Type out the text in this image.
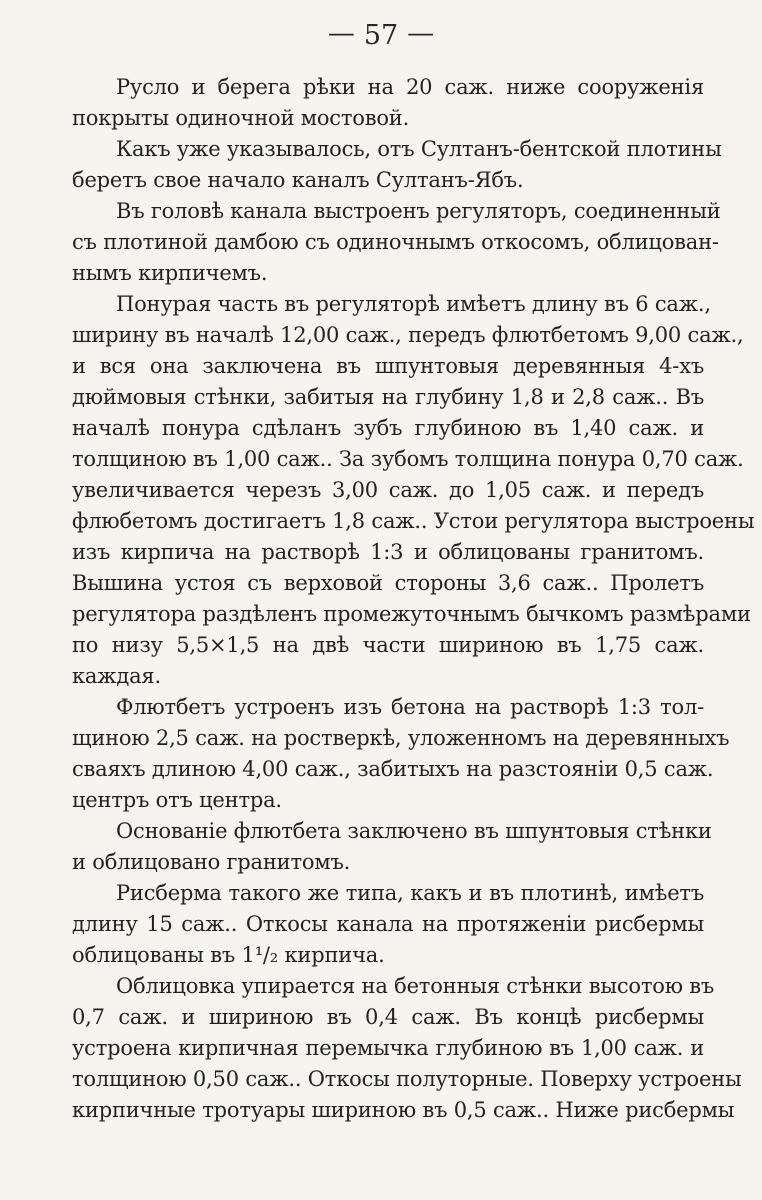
— 57 —
Русло и берега рѣки на 20 саж. ниже сооруженія
покрыты одиночной мостовой.
Какъ уже указывалось, отъ Султанъ-бентской плотины
беретъ свое начало каналъ Султанъ-Ябъ.
Въ головѣ канала выстроенъ регуляторъ, соединенный
съ плотиной дамбою съ одиночнымъ откосомъ, облицован-
нымъ кирпичемъ.
Понурая часть въ регуляторѣ имѣетъ длину въ 6 саж.,
ширину въ началѣ 12,00 саж., передъ флютбетомъ 9,00 саж.,
и вся она заключена въ шпунтовыя деревянныя 4-хъ
дюймовыя стѣнки, забитыя на глубину 1,8 и 2,8 саж.. Въ
началѣ понура сдѣланъ зубъ глубиною въ 1,40 саж. и
толщиною въ 1,00 саж.. За зубомъ толщина понура 0,70 саж.
увеличивается черезъ 3,00 саж. до 1,05 саж. и передъ
флюбетомъ достигаетъ 1,8 саж.. Устои регулятора выстроены
изъ кирпича на растворѣ 1:3 и облицованы гранитомъ.
Вышина устоя съ верховой стороны 3,6 саж.. Пролетъ
регулятора раздѣленъ промежуточнымъ бычкомъ размѣрами
по низу 5,5×1,5 на двѣ части шириною въ 1,75 саж.
каждая.
Флютбетъ устроенъ изъ бетона на растворѣ 1:3 тол-
щиною 2,5 саж. на ростверкѣ, уложенномъ на деревянныхъ
сваяхъ длиною 4,00 саж., забитыхъ на разстояніи 0,5 саж.
центръ отъ центра.
Основаніе флютбета заключено въ шпунтовыя стѣнки
и облицовано гранитомъ.
Рисберма такого же типа, какъ и въ плотинѣ, имѣетъ
длину 15 саж.. Откосы канала на протяженіи рисбермы
облицованы въ 1¹/₂ кирпича.
Облицовка упирается на бетонныя стѣнки высотою въ
0,7 саж. и шириною въ 0,4 саж. Въ концѣ рисбермы
устроена кирпичная перемычка глубиною въ 1,00 саж. и
толщиною 0,50 саж.. Откосы полуторные. Поверху устроены
кирпичные тротуары шириною въ 0,5 саж.. Ниже рисбермы
